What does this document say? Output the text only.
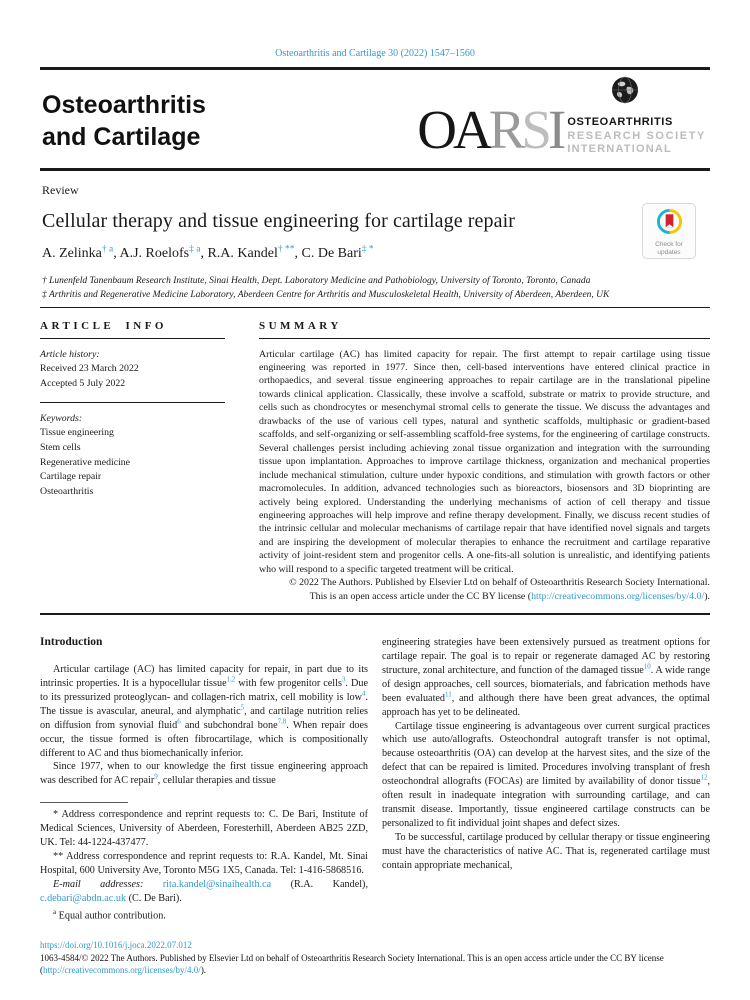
Osteoarthritis and Cartilage 30 (2022) 1547–1560
Osteoarthritis
and Cartilage	OARSI OSTEOARTHRITIS
RESEARCH SOCIETY
INTERNATIONAL
Review
Cellular therapy and tissue engineering for cartilage repair
A. Zelinka$^{\dagger a}$, A.J. Roelofs$^{\ddagger a}$, R.A. Kandel† **, C. De Bari‡ *
† Lunenfeld Tanenbaum Research Institute, Sinai Health, Dept. Laboratory Medicine and Pathobiology, University of Toronto, Toronto, Canada
‡ Arthritis and Regenerative Medicine Laboratory, Aberdeen Centre for Arthritis and Musculoskeletal Health, University of Aberdeen, Aberdeen, UK
Check for updates
ARTICLE INFO
Article history:
Received 23 March 2022
Accepted 5 July 2022
Keywords:
Tissue engineering
Stem cells
Regenerative medicine
Cartilage repair
Osteoarthritis
SUMMARY
Articular cartilage (AC) has limited capacity for repair. The first attempt to repair cartilage using tissue engineering was reported in 1977. Since then, cell-based interventions have entered clinical practice in orthopaedics, and several tissue engineering approaches to repair cartilage are in the translational pipeline towards clinical application. Classically, these involve a scaffold, substrate or matrix to provide structure, and cells such as chondrocytes or mesenchymal stromal cells to generate the tissue. We discuss the advantages and drawbacks of the use of various cell types, natural and synthetic scaffolds, multiphasic or gradient-based scaffolds, and self-organizing or self-assembling scaffold-free systems, for the engineering of cartilage constructs. Several challenges persist including achieving zonal tissue organization and integration with the surrounding tissue upon implantation. Approaches to improve cartilage thickness, organization and mechanical properties include mechanical stimulation, culture under hypoxic conditions, and stimulation with growth factors or other macromolecules. In addition, advanced technologies such as bioreactors, biosensors and 3D bioprinting are actively being explored. Understanding the underlying mechanisms of action of cell therapy and tissue engineering approaches will help improve and refine therapy development. Finally, we discuss recent studies of the intrinsic cellular and molecular mechanisms of cartilage repair that have identified novel signals and targets and are inspiring the development of molecular therapies to enhance the recruitment and cartilage reparative activity of joint-resident stem and progenitor cells. A one-fits-all solution is unrealistic, and identifying patients who will respond to a specific targeted treatment will be critical.
© 2022 The Authors. Published by Elsevier Ltd on behalf of Osteoarthritis Research Society International.
This is an open access article under the CC BY license (http://creativecommons.org/licenses/by/4.0/).
Introduction

Articular cartilage (AC) has limited capacity for repair, in part due to its intrinsic properties. It is a hypocellular tissue$^{1,2}$ with few progenitor cells$^3$. Due to its pressurized proteoglycan- and collagen-rich matrix, cell mobility is low$^4$. The tissue is avascular, aneural, and alymphatic$^5$, and cartilage nutrition relies on diffusion from synovial fluid$^6$ and subchondral bone$^{7,8}$. When repair does occur, the tissue formed is often fibrocartilage, which is compositionally different to AC and thus biomechanically inferior.

Since 1977, when to our knowledge the first tissue engineering approach was described for AC repair$^9$, cellular therapies and tissue

* Address correspondence and reprint requests to: C. De Bari, Institute of Medical Sciences, University of Aberdeen, Foresterhill, Aberdeen AB25 2ZD, UK. Tel: 44-1224-437477.

** Address correspondence and reprint requests to: R.A. Kandel, Mt. Sinai Hospital, 600 University Ave, Toronto M5G 1X5, Canada. Tel: 1-416-5868516.

E-mail addresses: rita.kandel@sinaihealth.ca (R.A. Kandel), c.debari@abdn.ac.uk (C. De Bari).

$^a$ Equal author contribution.

engineering strategies have been extensively pursued as treatment options for cartilage repair. The goal is to repair or regenerate damaged AC by restoring structure, zonal architecture, and function of the damaged tissue$^{10}$. A wide range of design approaches, cell sources, biomaterials, and fabrication methods have been evaluated$^{11}$, and although there have been great advances, the optimal approach has yet to be delineated.

Cartilage tissue engineering is advantageous over current surgical practices which use auto/allografts. Osteochondral autograft transfer is not optimal, because osteoarthritis (OA) can develop at the harvest sites, and the size of the defect that can be repaired is limited. Procedures involving transplant of fresh osteochondral allografts (FOCAs) are limited by availability of donor tissue$^{12}$, often result in inadequate integration with surrounding cartilage, and can transmit disease. Importantly, tissue engineered cartilage constructs can be personalized to fit individual joint shapes and defect sizes.

To be successful, cartilage produced by cellular therapy or tissue engineering must have the characteristics of native AC. That is, regenerated cartilage must contain appropriate mechanical,

https://doi.org/10.1016/j.joca.2022.07.012
1063-4584/© 2022 The Authors. Published by Elsevier Ltd on behalf of Osteoarthritis Research Society International. This is an open access article under the CC BY license
(http://creativecommons.org/licenses/by/4.0/).
